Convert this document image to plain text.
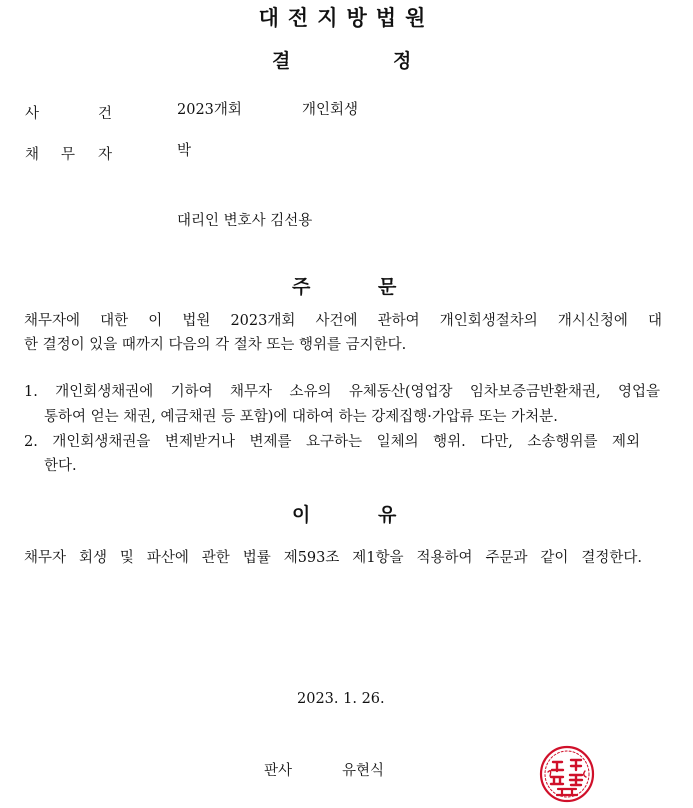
대전지방법원
결	정
사	건	2023개회	개인회생
채 무 자	박
대리인 변호사 김선용
주	문
채무자에 대한 이 법원 2023개회 사건에 관하여 개인회생절차의 개시신청에 대
한 결정이 있을 때까지 다음의 각 절차 또는 행위를 금지한다.
1. 개인회생채권에 기하여 채무자 소유의 유체동산(영업장 임차보증금반환채권, 영업을
통하여 얻는 채권, 예금채권 등 포함)에 대하여 하는 강제집행·가압류 또는 가처분.
2. 개인회생채권을 변제받거나 변제를 요구하는 일체의 행위. 다만, 소송행위를 제외
한다.
이	유
채무자 회생 및 파산에 관한 법률 제593조 제1항을 적용하여 주문과 같이 결정한다.
2023. 1. 26.
판사	유현식
